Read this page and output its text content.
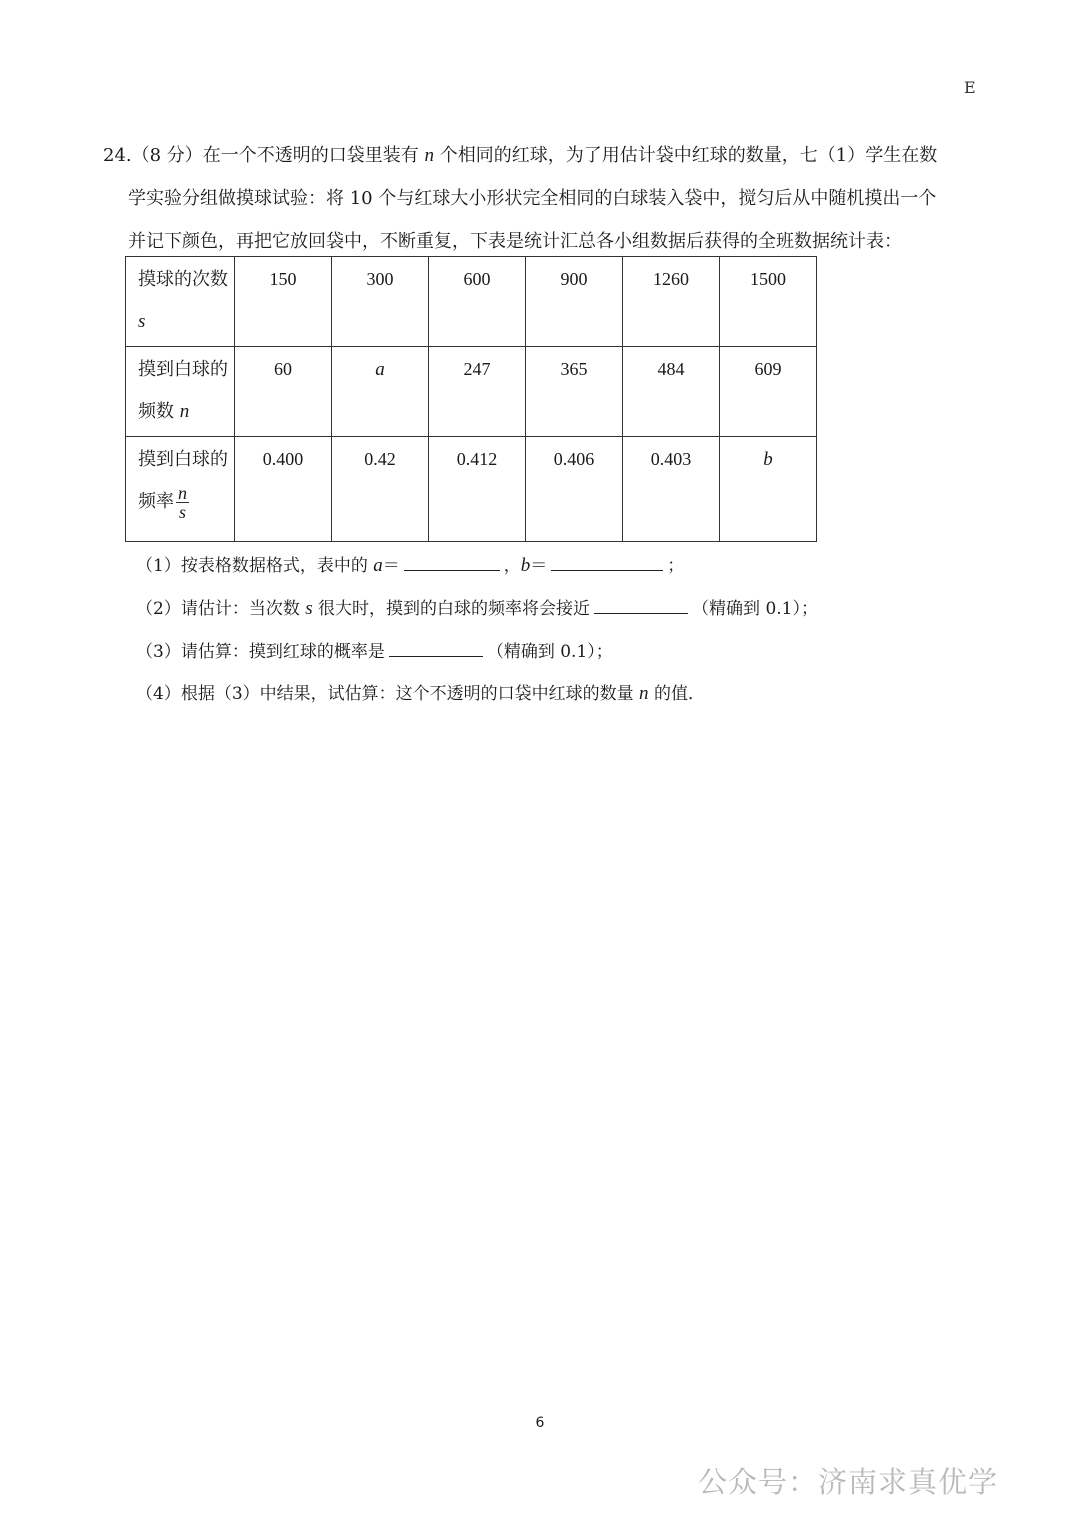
E
24.（8 分）在一个不透明的口袋里装有 n 个相同的红球，为了用估计袋中红球的数量，七（1）学生在数
学实验分组做摸球试验：将 10 个与红球大小形状完全相同的白球装入袋中，搅匀后从中随机摸出一个
并记下颜色，再把它放回袋中，不断重复，下表是统计汇总各小组数据后获得的全班数据统计表：
摸球的次数 s	150	300	600	900	1260	1500
摸到白球的频数 n	60	a	247	365	484	609
摸到白球的频率 $\frac{n}{s}$	0.400	0.42	0.412	0.406	0.403	b
（1）按表格数据格式，表中的 a＝	，b＝	；
（2）请估计：当次数 s 很大时，摸到的白球的频率将会接近	（精确到 0.1）；
（3）请估算：摸到红球的概率是	（精确到 0.1）；
（4）根据（3）中结果，试估算：这个不透明的口袋中红球的数量 n 的值．
6
公众号：济南求真优学
